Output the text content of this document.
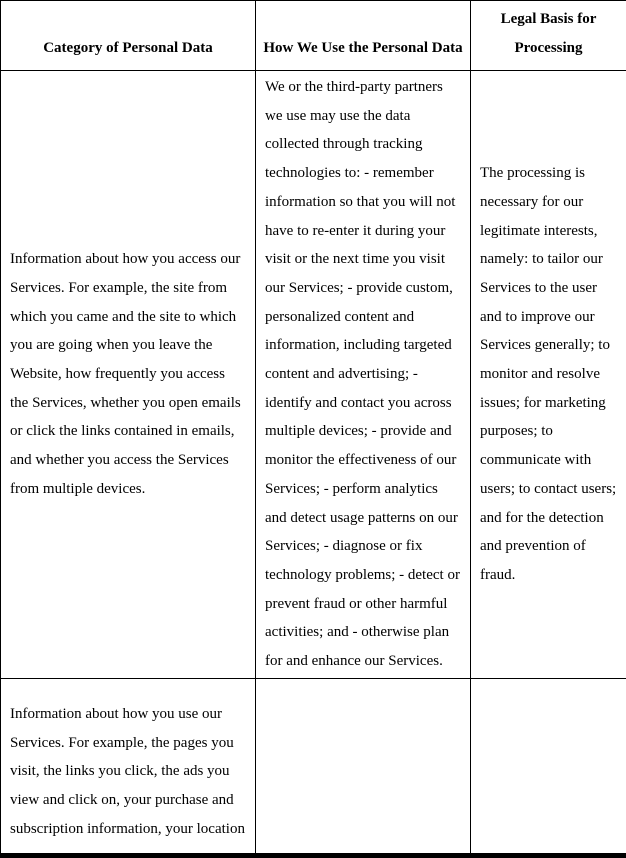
Category of Personal Data	How We Use the Personal Data	Legal Basis for Processing
Information about how you access our Services. For example, the site from which you came and the site to which you are going when you leave the Website, how frequently you access the Services, whether you open emails or click the links contained in emails, and whether you access the Services from multiple devices.	We or the third-party partners we use may use the data collected through tracking technologies to: - remember information so that you will not have to re-enter it during your visit or the next time you visit our Services; - provide custom, personalized content and information, including targeted content and advertising; - identify and contact you across multiple devices; - provide and monitor the effectiveness of our Services; - perform analytics and detect usage patterns on our Services; - diagnose or fix technology problems; - detect or prevent fraud or other harmful activities; and - otherwise plan for and enhance our Services.	The processing is necessary for our legitimate interests, namely: to tailor our Services to the user and to improve our Services generally; to monitor and resolve issues; for marketing purposes; to communicate with users; to contact users; and for the detection and prevention of fraud.
Information about how you use our Services. For example, the pages you visit, the links you click, the ads you view and click on, your purchase and subscription information, your location		
